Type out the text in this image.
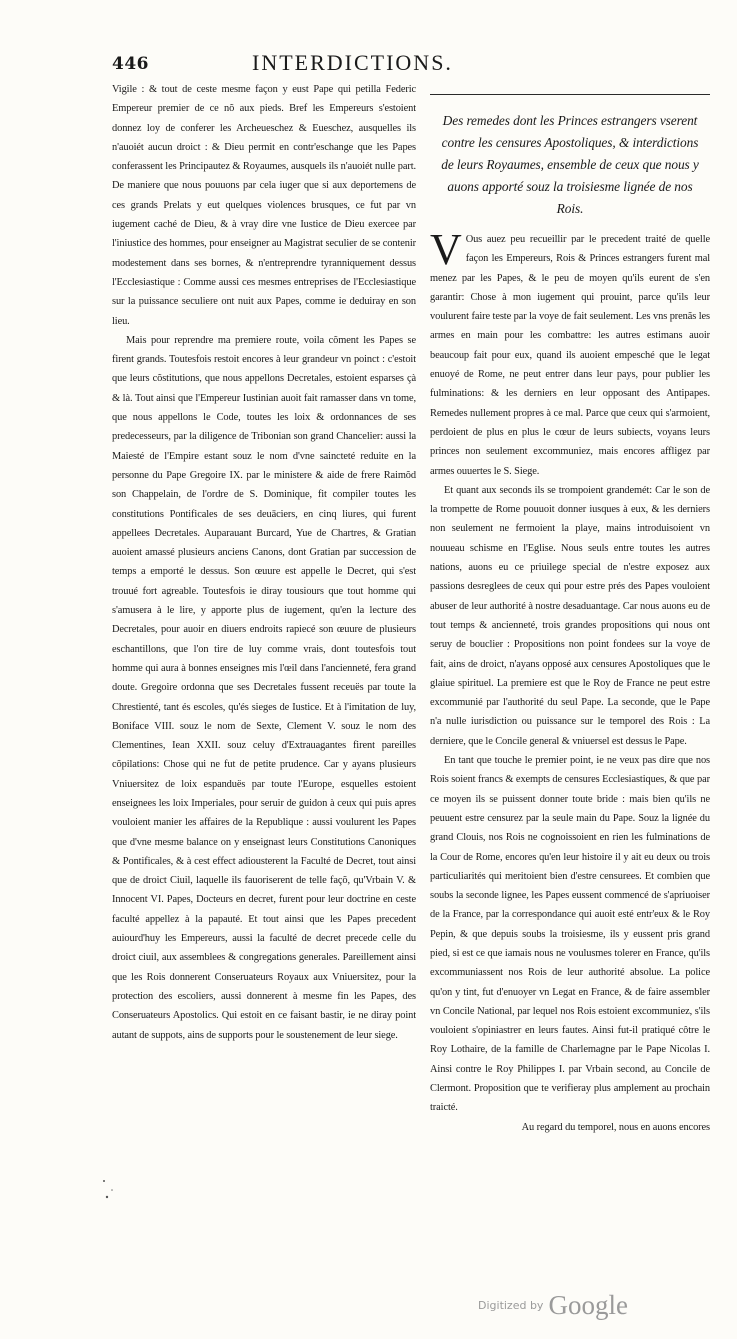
446	INTERDICTIONS.

Vigile : & tout de ceste mesme façon y eust Pape qui petilla Federic Empereur premier de ce nõ aux pieds. Bref les Empereurs s'estoient donnez loy de conferer les Archeueschez & Eueschez, ausquelles ils n'auoiét aucun droict : & Dieu permit en contr'eschange que les Papes conferassent les Principautez & Royaumes, ausquels ils n'auoiét nulle part. De maniere que nous pouuons par cela iuger que si aux deportemens de ces grands Prelats y eut quelques violences brusques, ce fut par vn iugement caché de Dieu, & à vray dire vne Iustice de Dieu exercee par l'iniustice des hommes, pour enseigner au Magistrat seculier de se contenir modestement dans ses bornes, & n'entreprendre tyranniquement dessus l'Ecclesiastique : Comme aussi ces mesmes entreprises de l'Ecclesiastique sur la puissance seculiere ont nuit aux Papes, comme ie deduiray en son lieu.

Mais pour reprendre ma premiere route, voila cõment les Papes se firent grands. Toutesfois restoit encores à leur grandeur vn poinct : c'estoit que leurs cõstitutions, que nous appellons Decretales, estoient esparses çà & là. Tout ainsi que l'Empereur Iustinian auoit fait ramasser dans vn tome, que nous appellons le Code, toutes les loix & ordonnances de ses predecesseurs, par la diligence de Tribonian son grand Chancelier: aussi la Maiesté de l'Empire estant souz le nom d'vne saincteté reduite en la personne du Pape Gregoire IX. par le ministere & aide de frere Raimõd son Chappelain, de l'ordre de S. Dominique, fit compiler toutes les constitutions Pontificales de ses deuāciers, en cinq liures, qui furent appellees Decretales. Auparauant Burcard, Yue de Chartres, & Gratian auoient amassé plusieurs anciens Canons, dont Gratian par succession de temps a emporté le dessus. Son œuure est appelle le Decret, qui s'est trouué fort agreable. Toutesfois ie diray tousiours que tout homme qui s'amusera à le lire, y apporte plus de iugement, qu'en la lecture des Decretales, pour auoir en diuers endroits rapiecé son œuure de plusieurs eschantillons, que l'on tire de luy comme vrais, dont toutesfois tout homme qui aura à bonnes enseignes mis l'œil dans l'ancienneté, fera grand doute. Gregoire ordonna que ses Decretales fussent receuës par toute la Chrestienté, tant és escoles, qu'és sieges de Iustice. Et à l'imitation de luy, Boniface VIII. souz le nom de Sexte, Clement V. souz le nom des Clementines, Iean XXII. souz celuy d'Extrauagantes firent pareilles cõpilations: Chose qui ne fut de petite prudence. Car y ayans plusieurs Vniuersitez de loix espanduës par toute l'Europe, esquelles estoient enseignees les loix Imperiales, pour seruir de guidon à ceux qui puis apres vouloient manier les affaires de la Republique : aussi voulurent les Papes que d'vne mesme balance on y enseignast leurs Constitutions Canoniques & Pontificales, & à cest effect adiousterent la Faculté de Decret, tout ainsi que de droict Ciuil, laquelle ils fauoriserent de telle façõ, qu'Vrbain V. & Innocent VI. Papes, Docteurs en decret, furent pour leur doctrine en ceste faculté appellez à la papauté. Et tout ainsi que les Papes precedent auiourd'huy les Empereurs, aussi la faculté de decret precede celle du droict ciuil, aux assemblees & congregations generales. Pareillement ainsi que les Rois donnerent Conseruateurs Royaux aux Vniuersitez, pour la protection des escoliers, aussi donnerent à mesme fin les Papes, des Conseruateurs Apostolics. Qui estoit en ce faisant bastir, ie ne diray point autant de suppots, ains de supports pour le soustenement de leur siege.

Des remedes dont les Princes estrangers vserent contre les censures Apostoliques, & interdictions de leurs Royaumes, ensemble de ceux que nous y auons apporté souz la troisiesme lignée de nos Rois.

V Ous auez peu recueillir par le precedent traité de quelle façon les Empereurs, Rois & Princes estrangers furent mal menez par les Papes, & le peu de moyen qu'ils eurent de s'en garantir: Chose à mon iugement qui prouint, parce qu'ils leur voulurent faire teste par la voye de fait seulement. Les vns prenãs les armes en main pour les combattre: les autres estimans auoir beaucoup fait pour eux, quand ils auoient empesché que le legat enuoyé de Rome, ne peut entrer dans leur pays, pour publier les fulminations: & les derniers en leur opposant des Antipapes. Remedes nullement propres à ce mal. Parce que ceux qui s'armoient, perdoient de plus en plus le cœur de leurs subiects, voyans leurs princes non seulement excommuniez, mais encores affligez par armes ouuertes le S. Siege.

Et quant aux seconds ils se trompoient grandemét: Car le son de la trompette de Rome pouuoit donner iusques à eux, & les derniers non seulement ne fermoient la playe, mains introduisoient vn nouueau schisme en l'Eglise. Nous seuls entre toutes les autres nations, auons eu ce priuilege special de n'estre exposez aux passions desreglees de ceux qui pour estre prés des Papes vouloient abuser de leur authorité à nostre desaduantage. Car nous auons eu de tout temps & ancienneté, trois grandes propositions qui nous ont seruy de bouclier : Propositions non point fondees sur la voye de fait, ains de droict, n'ayans opposé aux censures Apostoliques que le glaiue spirituel. La premiere est que le Roy de France ne peut estre excommunié par l'authorité du seul Pape. La seconde, que le Pape n'a nulle iurisdiction ou puissance sur le temporel des Rois : La derniere, que le Concile general & vniuersel est dessus le Pape.

En tant que touche le premier point, ie ne veux pas dire que nos Rois soient francs & exempts de censures Ecclesiastiques, & que par ce moyen ils se puissent donner toute bride : mais bien qu'ils ne peuuent estre censurez par la seule main du Pape. Souz la lignée du grand Clouis, nos Rois ne cognoissoient en rien les fulminations de la Cour de Rome, encores qu'en leur histoire il y ait eu deux ou trois particuliarités qui meritoient bien d'estre censurees. Et combien que soubs la seconde lignee, les Papes eussent commencé de s'apriuoiser de la France, par la correspondance qui auoit esté entr'eux & le Roy Pepin, & que depuis soubs la troisiesme, ils y eussent pris grand pied, si est ce que iamais nous ne voulusmes tolerer en France, qu'ils excommuniassent nos Rois de leur authorité absolue. La police qu'on y tint, fut d'enuoyer vn Legat en France, & de faire assembler vn Concile National, par lequel nos Rois estoient excommuniez, s'ils vouloient s'opiniastrer en leurs fautes. Ainsi fut-il pratiqué côtre le Roy Lothaire, de la famille de Charlemagne par le Pape Nicolas I. Ainsi contre le Roy Philippes I. par Vrbain second, au Concile de Clermont. Proposition que te verifieray plus amplement au prochain traicté.

Au regard du temporel, nous en auons encores

Digitized by Google
